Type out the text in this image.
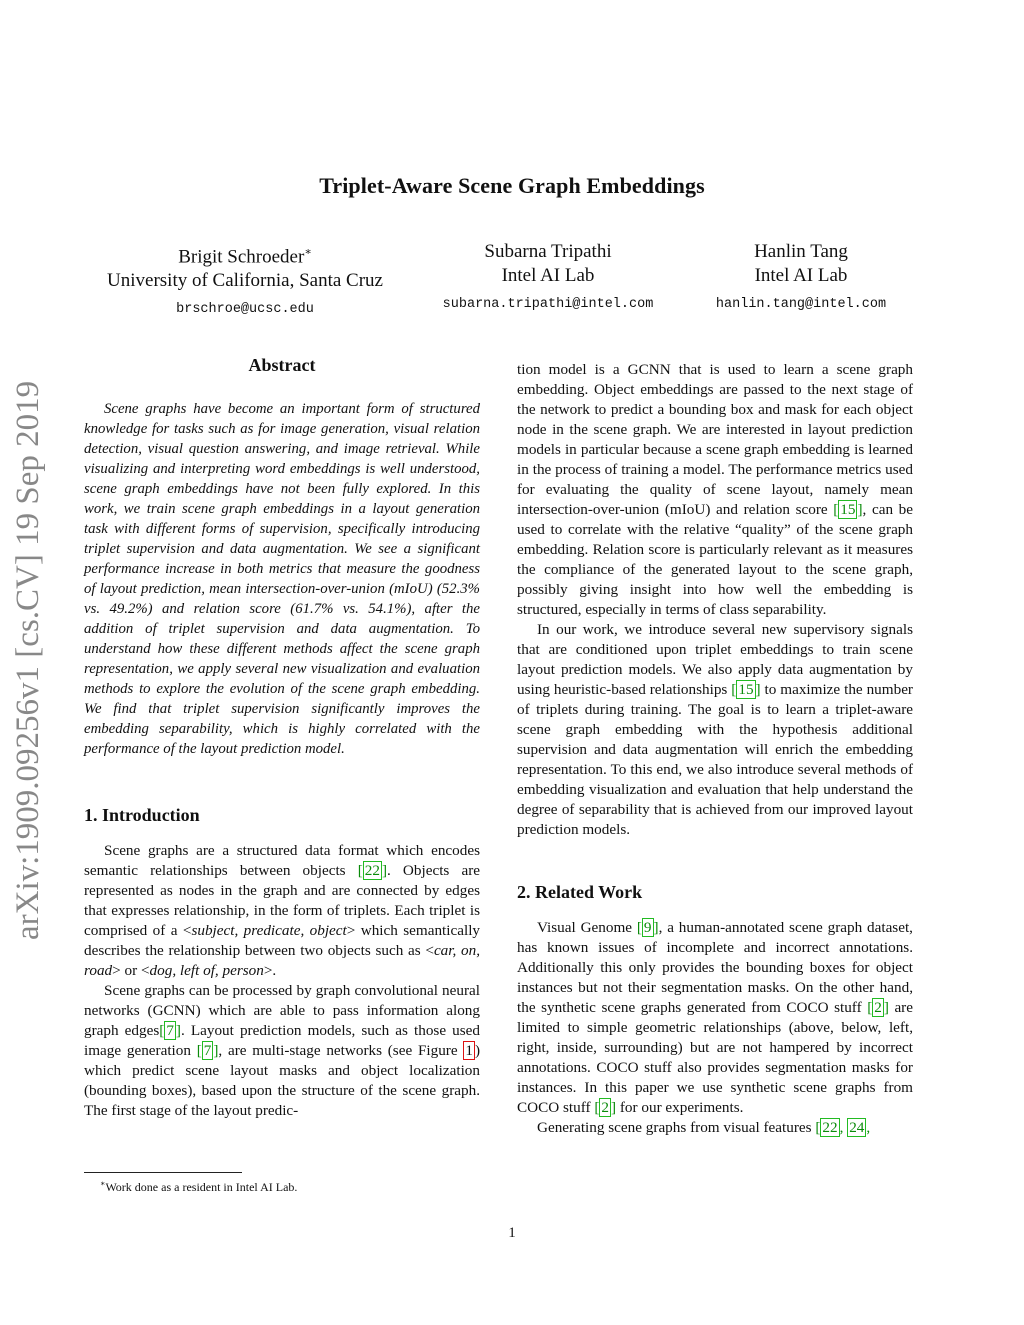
Triplet-Aware Scene Graph Embeddings
Brigit Schroeder∗
University of California, Santa Cruz
brschroe@ucsc.edu
Subarna Tripathi
Intel AI Lab
subarna.tripathi@intel.com
Hanlin Tang
Intel AI Lab
hanlin.tang@intel.com
arXiv:1909.09256v1 [cs.CV] 19 Sep 2019
Abstract

Scene graphs have become an important form of structured knowledge for tasks such as for image generation, visual relation detection, visual question answering, and image retrieval. While visualizing and interpreting word embeddings is well understood, scene graph embeddings have not been fully explored. In this work, we train scene graph embeddings in a layout generation task with different forms of supervision, specifically introducing triplet supervision and data augmentation. We see a significant performance increase in both metrics that measure the goodness of layout prediction, mean intersection-over-union (mIoU) (52.3% vs. 49.2%) and relation score (61.7% vs. 54.1%), after the addition of triplet supervision and data augmentation. To understand how these different methods affect the scene graph representation, we apply several new visualization and evaluation methods to explore the evolution of the scene graph embedding. We find that triplet supervision significantly improves the embedding separability, which is highly correlated with the performance of the layout prediction model.

1. Introduction

Scene graphs are a structured data format which encodes semantic relationships between objects [ 22 ]. Objects are represented as nodes in the graph and are connected by edges that expresses relationship, in the form of triplets. Each triplet is comprised of a <subject, predicate, object> which semantically describes the relationship between two objects such as <car, on, road> or <dog, left of, person>.

Scene graphs can be processed by graph convolutional neural networks (GCNN) which are able to pass information along graph edges[ 7 ]. Layout prediction models, such as those used image generation [ 7 ], are multi-stage networks (see Figure 1 ) which predict scene layout masks and object localization (bounding boxes), based upon the structure of the scene graph. The first stage of the layout predic-

tion model is a GCNN that is used to learn a scene graph embedding. Object embeddings are passed to the next stage of the network to predict a bounding box and mask for each object node in the scene graph. We are interested in layout prediction models in particular because a scene graph embedding is learned in the process of training a model. The performance metrics used for evaluating the quality of scene layout, namely mean intersection-over-union (mIoU) and relation score [ 15 ], can be used to correlate with the relative “quality” of the scene graph embedding. Relation score is particularly relevant as it measures the compliance of the generated layout to the scene graph, possibly giving insight into how well the embedding is structured, especially in terms of class separability.

In our work, we introduce several new supervisory signals that are conditioned upon triplet embeddings to train scene layout prediction models. We also apply data augmentation by using heuristic-based relationships [ 15 ] to maximize the number of triplets during training. The goal is to learn a triplet-aware scene graph embedding with the hypothesis additional supervision and data augmentation will enrich the embedding representation. To this end, we also introduce several methods of embedding visualization and evaluation that help understand the degree of separability that is achieved from our improved layout prediction models.

2. Related Work

Visual Genome [ 9 ], a human-annotated scene graph dataset, has known issues of incomplete and incorrect annotations. Additionally this only provides the bounding boxes for object instances but not their segmentation masks. On the other hand, the synthetic scene graphs generated from COCO stuff [ 2 ] are limited to simple geometric relationships (above, below, left, right, inside, surrounding) but are not hampered by incorrect annotations. COCO stuff also provides segmentation masks for instances. In this paper we use synthetic scene graphs from COCO stuff [ 2 ] for our experiments.

Generating scene graphs from visual features [ 22 , 24 ,

∗Work done as a resident in Intel AI Lab.
1
